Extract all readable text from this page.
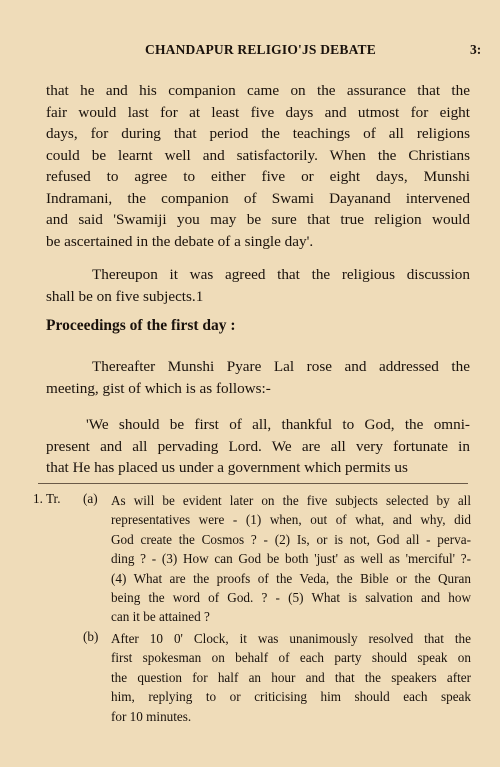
CHANDAPUR RELIGIO'JS DEBATE	3:

that he and his companion came on the assurance that the
fair would last for at least five days and utmost for eight
days, for during that period the teachings of all religions
could be learnt well and satisfactorily. When the Christians
refused to agree to either five or eight days, Munshi
Indramani, the companion of Swami Dayanand intervened
and said 'Swamiji you may be sure that true religion would
be ascertained in the debate of a single day'.

Thereupon it was agreed that the religious discussion
shall be on five subjects.1

Proceedings of the first day :

Thereafter Munshi Pyare Lal rose and addressed the
meeting, gist of which is as follows:-

'We should be first of all, thankful to God, the omni-
present and all pervading Lord. We are all very fortunate in
that He has placed us under a government which permits us

1. Tr. (a) As will be evident later on the five subjects selected by all
representatives were - (1) when, out of what, and why, did
God create the Cosmos ? - (2) Is, or is not, God all - perva-
ding ? - (3) How can God be both 'just' as well as 'merciful' ?-
(4) What are the proofs of the Veda, the Bible or the Quran
being the word of God. ? - (5) What is salvation and how
can it be attained ?

(b) After 10 0' Clock, it was unanimously resolved that the
first spokesman on behalf of each party should speak on
the question for half an hour and that the speakers after
him, replying to or criticising him should each speak
for 10 minutes.
